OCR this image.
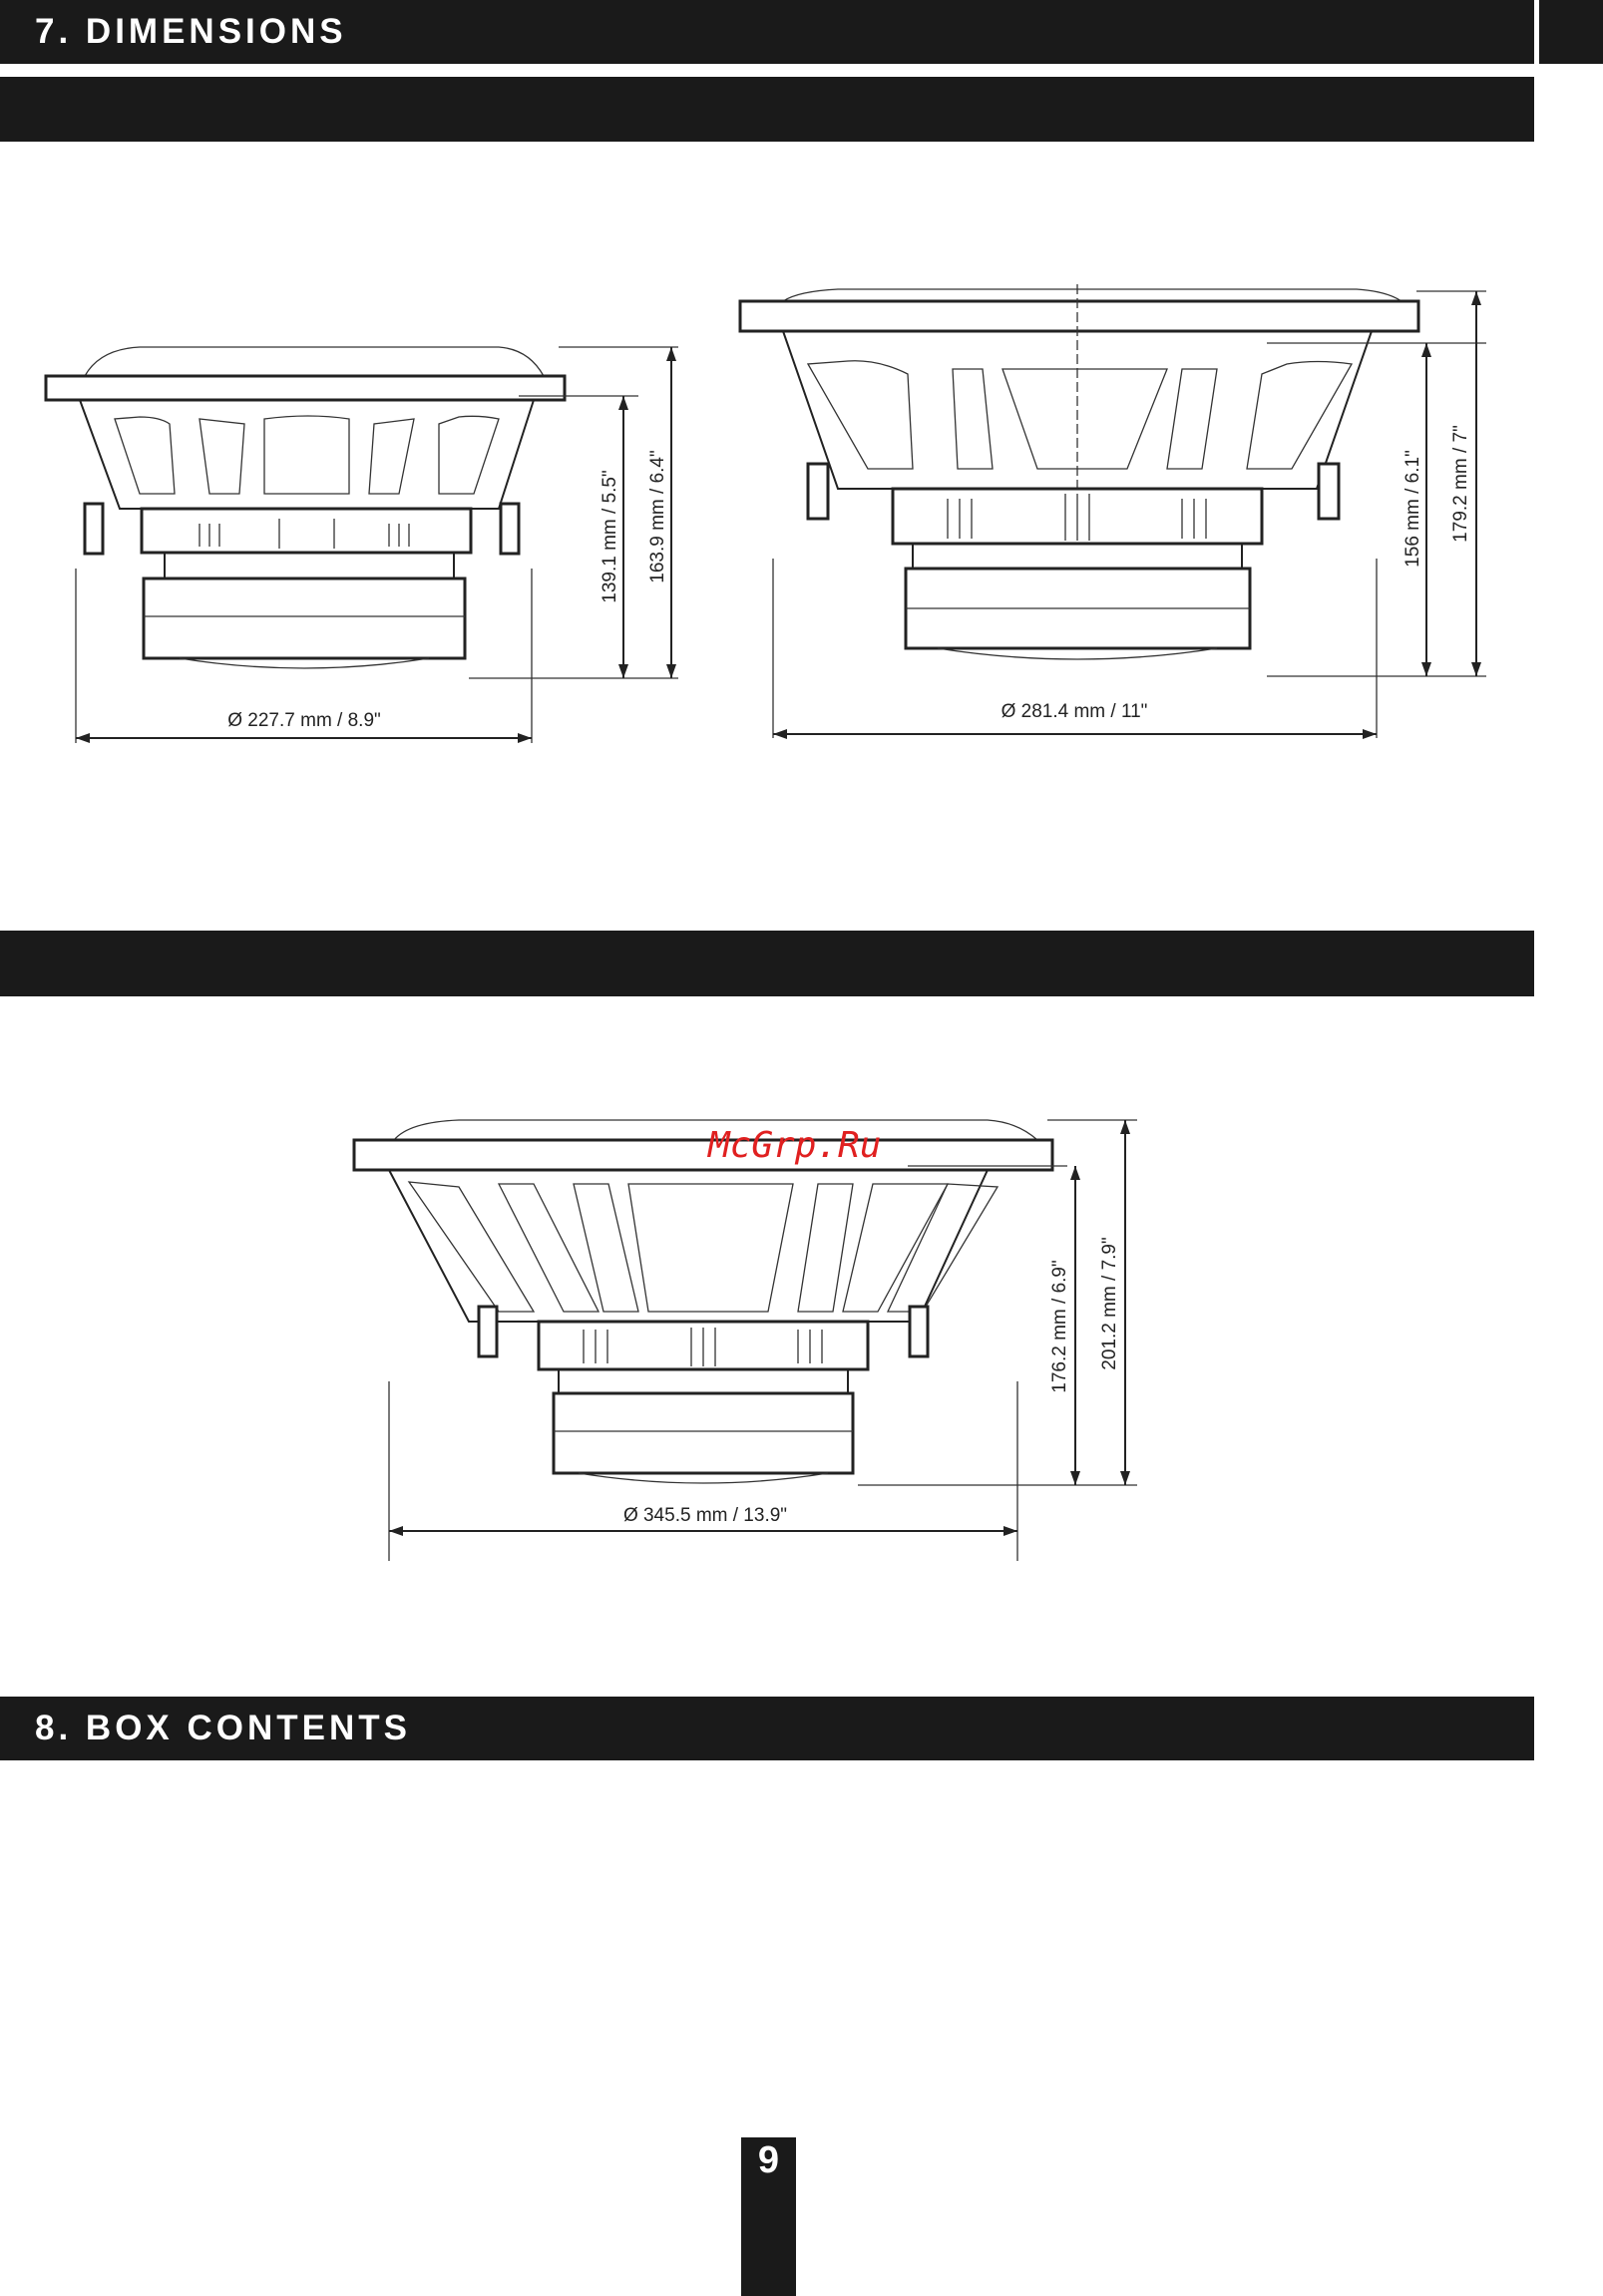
7. DIMENSIONS
Ø 227.7 mm / 8.9"
139.1 mm / 5.5" 163.9 mm / 6.4"
Ø 281.4 mm / 11"
156 mm / 6.1" 179.2 mm / 7"
Ø 345.5 mm / 13.9"
176.2 mm / 6.9" 201.2 mm / 7.9"
McGrp.Ru
8. BOX CONTENTS
9
